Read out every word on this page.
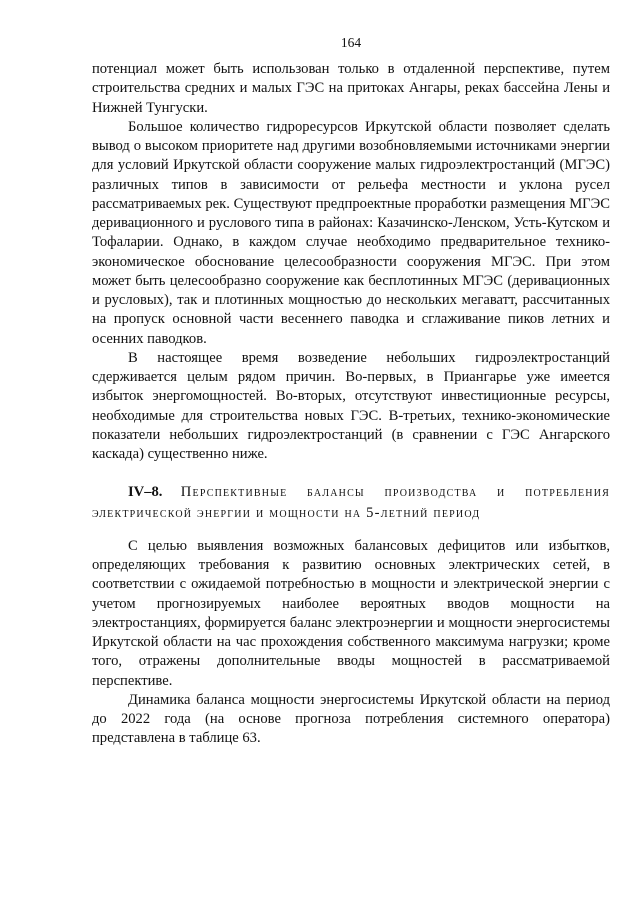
164

потенциал может быть использован только в отдаленной перспективе, путем строительства средних и малых ГЭС на притоках Ангары, реках бассейна Лены и Нижней Тунгуски.

Большое количество гидроресурсов Иркутской области позволяет сделать вывод о высоком приоритете над другими возобновляемыми источниками энергии для условий Иркутской области сооружение малых гидроэлектростанций (МГЭС) различных типов в зависимости от рельефа местности и уклона русел рассматриваемых рек. Существуют предпроектные проработки размещения МГЭС деривационного и руслового типа в районах: Казачинско-Ленском, Усть-Кутском и Тофаларии. Однако, в каждом случае необходимо предварительное технико-экономическое обоснование целесообразности сооружения МГЭС. При этом может быть целесообразно сооружение как бесплотинных МГЭС (деривационных и русловых), так и плотинных мощностью до нескольких мегаватт, рассчитанных на пропуск основной части весеннего паводка и сглаживание пиков летних и осенних паводков.

В настоящее время возведение небольших гидроэлектростанций сдерживается целым рядом причин. Во-первых, в Приангарье уже имеется избыток энергомощностей. Во-вторых, отсутствуют инвестиционные ресурсы, необходимые для строительства новых ГЭС. В-третьих, технико-экономические показатели небольших гидроэлектростанций (в сравнении с ГЭС Ангарского каскада) существенно ниже.

IV–8. Перспективные балансы производства и потребления электрической энергии и мощности на 5-летний период

С целью выявления возможных балансовых дефицитов или избытков, определяющих требования к развитию основных электрических сетей, в соответствии с ожидаемой потребностью в мощности и электрической энергии с учетом прогнозируемых наиболее вероятных вводов мощности на электростанциях, формируется баланс электроэнергии и мощности энергосистемы Иркутской области на час прохождения собственного максимума нагрузки; кроме того, отражены дополнительные вводы мощностей в рассматриваемой перспективе.

Динамика баланса мощности энергосистемы Иркутской области на период до 2022 года (на основе прогноза потребления системного оператора) представлена в таблице 63.
